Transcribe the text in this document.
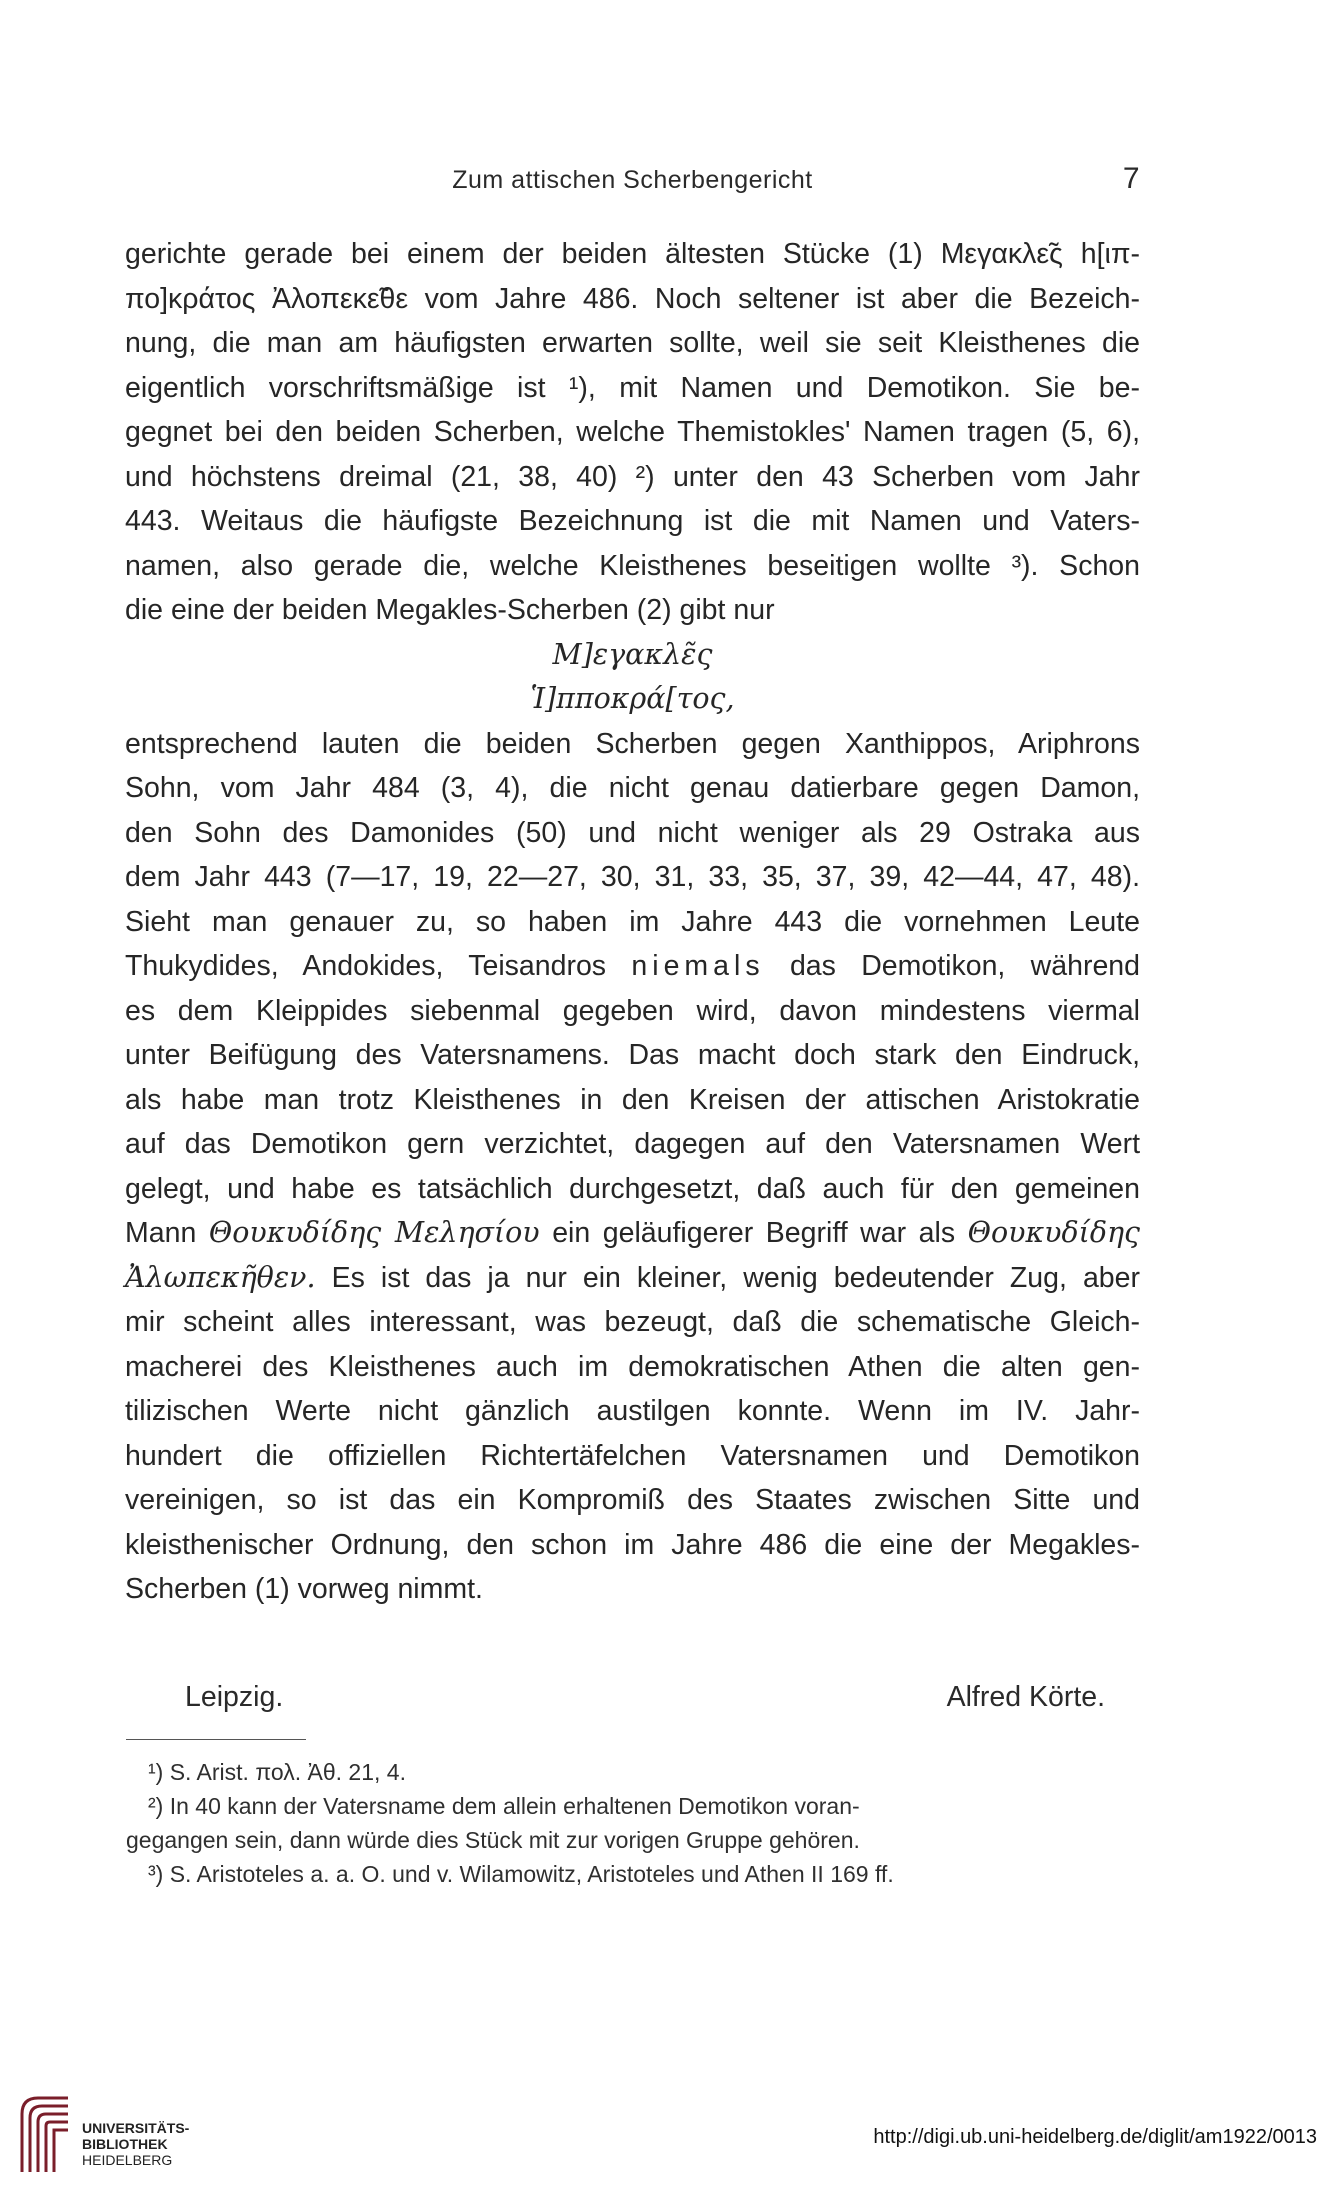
Zum attischen Scherbengericht	7
gerichte gerade bei einem der beiden ältesten Stücke (1) Μεγακλε̃ς h[ιπ-
πο]κράτος Ἀλοπεκε̃θε vom Jahre 486. Noch seltener ist aber die Bezeich-
nung, die man am häufigsten erwarten sollte, weil sie seit Kleisthenes die
eigentlich vorschriftsmäßige ist ¹), mit Namen und Demotikon. Sie be-
gegnet bei den beiden Scherben, welche Themistokles' Namen tragen (5, 6),
und höchstens dreimal (21, 38, 40) ²) unter den 43 Scherben vom Jahr
443. Weitaus die häufigste Bezeichnung ist die mit Namen und Vaters-
namen, also gerade die, welche Kleisthenes beseitigen wollte ³). Schon
die eine der beiden Megakles-Scherben (2) gibt nur
Μ]εγακλε̃ς
Ἱ]πποκρά[τος,
entsprechend lauten die beiden Scherben gegen Xanthippos, Ariphrons
Sohn, vom Jahr 484 (3, 4), die nicht genau datierbare gegen Damon,
den Sohn des Damonides (50) und nicht weniger als 29 Ostraka aus
dem Jahr 443 (7—17, 19, 22—27, 30, 31, 33, 35, 37, 39, 42—44, 47, 48).
Sieht man genauer zu, so haben im Jahre 443 die vornehmen Leute
Thukydides, Andokides, Teisandros niemals das Demotikon, während
es dem Kleippides siebenmal gegeben wird, davon mindestens viermal
unter Beifügung des Vatersnamens. Das macht doch stark den Eindruck,
als habe man trotz Kleisthenes in den Kreisen der attischen Aristokratie
auf das Demotikon gern verzichtet, dagegen auf den Vatersnamen Wert
gelegt, und habe es tatsächlich durchgesetzt, daß auch für den gemeinen
Mann Θουκυδίδης Μελησίου ein geläufigerer Begriff war als Θουκυδίδης
Ἀλωπεκῆθεν. Es ist das ja nur ein kleiner, wenig bedeutender Zug, aber
mir scheint alles interessant, was bezeugt, daß die schematische Gleich-
macherei des Kleisthenes auch im demokratischen Athen die alten gen-
tilizischen Werte nicht gänzlich austilgen konnte. Wenn im IV. Jahr-
hundert die offiziellen Richtertäfelchen Vatersnamen und Demotikon
vereinigen, so ist das ein Kompromiß des Staates zwischen Sitte und
kleisthenischer Ordnung, den schon im Jahre 486 die eine der Megakles-
Scherben (1) vorweg nimmt.
Leipzig.	Alfred Körte.
¹) S. Arist. πολ. Ἀθ. 21, 4.
²) In 40 kann der Vatersname dem allein erhaltenen Demotikon voran-
gegangen sein, dann würde dies Stück mit zur vorigen Gruppe gehören.
³) S. Aristoteles a. a. O. und v. Wilamowitz, Aristoteles und Athen II 169 ff.
UNIVERSITÄTS-
BIBLIOTHEK
HEIDELBERG
http://digi.ub.uni-heidelberg.de/diglit/am1922/0013
